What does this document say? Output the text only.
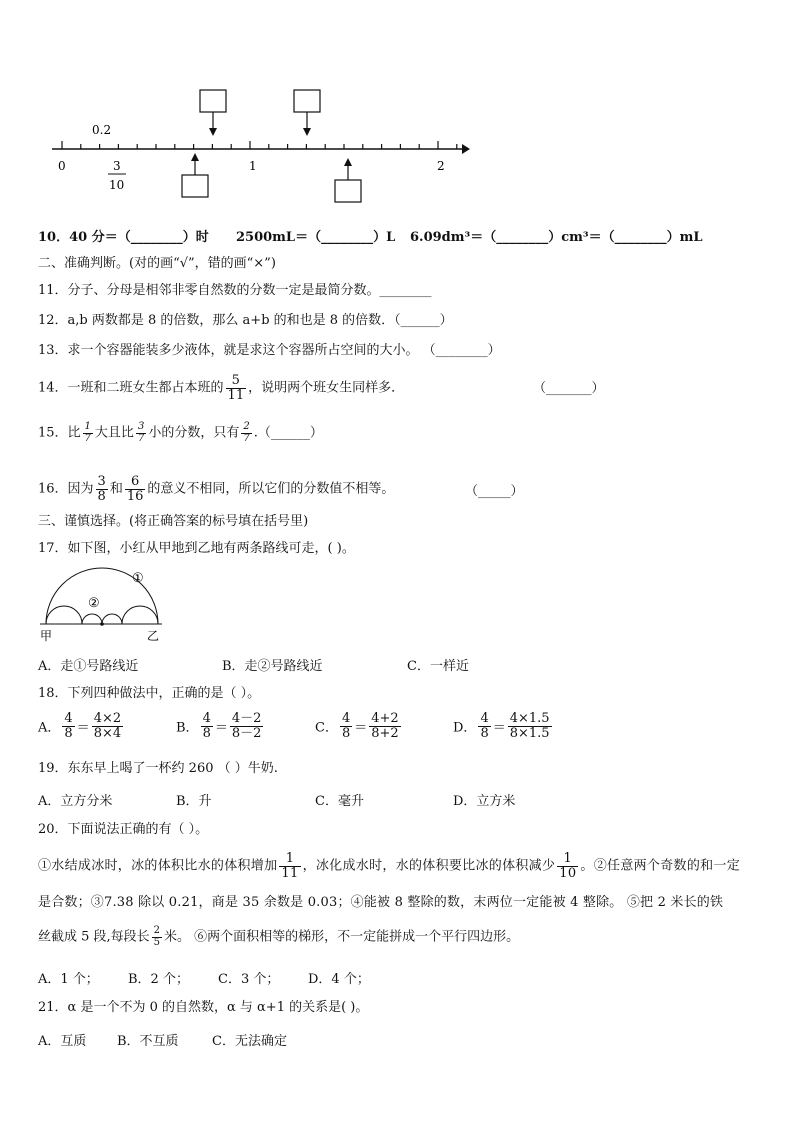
0.2
0	1	2
3
10
10．40 分＝（________）时 2500mL＝（________）L 6.09dm³＝（________）cm³＝（________）mL
二、准确判断。(对的画“√”，错的画“×”)
11．分子、分母是相邻非零自然数的分数一定是最简分数。________
12．a,b 两数都是 8 的倍数，那么 a+b 的和也是 8 的倍数．（______）
13．求一个容器能装多少液体，就是求这个容器所占空间的大小。 （________）
14．一班和二班女生都占本班的 $\frac{5}{11}$ ，说明两个班女生同样多．	（_______）
15．比 $\frac{1}{7}$ 大且比 $\frac{3}{7}$ 小的分数，只有 $\frac{2}{7}$ .（______）
16．因为 $\frac{3}{8}$ 和 $\frac{6}{16}$ 的意义不相同，所以它们的分数值不相等。	（_____）
三、谨慎选择。(将正确答案的标号填在括号里)
17．如下图，小红从甲地到乙地有两条路线可走，( )。
①
②
甲	乙
A．走①号路线近	B．走②号路线近	C．一样近
18．下列四种做法中，正确的是（ ）。
A． $\frac{4}{8} = \frac{4\times 2}{8\times 4}$	B． $\frac{4}{8} = \frac{4-2}{8-2}$	C． $\frac{4}{8} = \frac{4+2}{8+2}$	D． $\frac{4}{8} = \frac{4\times 1.5}{8\times 1.5}$
19．东东早上喝了一杯约 260 （ ）牛奶.
A．立方分米	B．升	C．毫升	D．立方米
20．下面说法正确的有（ ）。
①水结成冰时，冰的体积比水的体积增加 $\frac{1}{11}$ ，冰化成水时，水的体积要比冰的体积减少 $\frac{1}{10}$ 。②任意两个奇数的和一定
是合数；③7.38 除以 0.21，商是 35 余数是 0.03；④能被 8 整除的数，末两位一定能被 4 整除。 ⑤把 2 米长的铁
丝截成 5 段,每段长 $\frac{2}{5}$ 米。 ⑥两个面积相等的梯形，不一定能拼成一个平行四边形。
A．1 个； B．2 个； C．3 个； D．4 个；
21．α 是一个不为 0 的自然数，α 与 α+1 的关系是( )。
A．互质 B．不互质	C．无法确定
